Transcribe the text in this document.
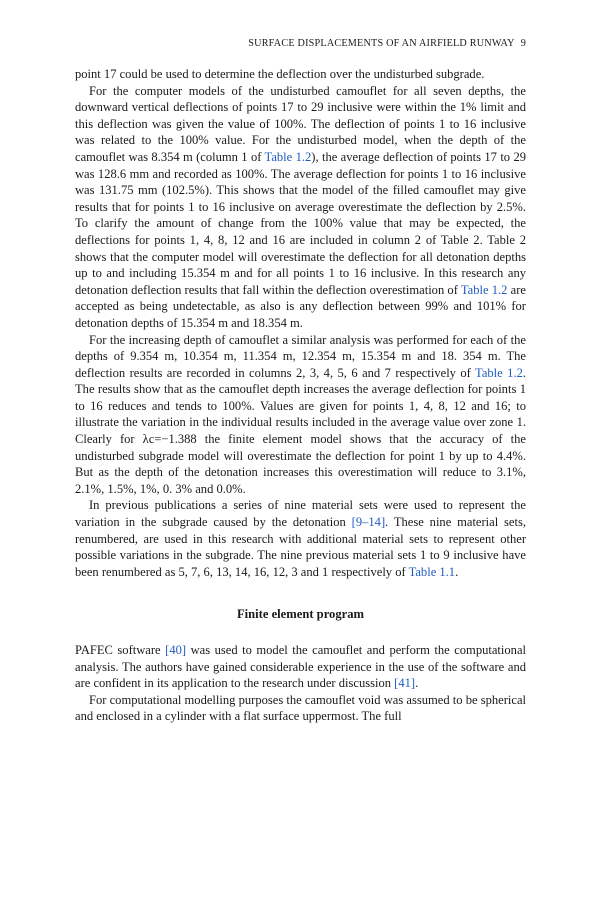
SURFACE DISPLACEMENTS OF AN AIRFIELD RUNWAY 9

point 17 could be used to determine the deflection over the undisturbed subgrade.

For the computer models of the undisturbed camouflet for all seven depths, the downward vertical deflections of points 17 to 29 inclusive were within the 1% limit and this deflection was given the value of 100%. The deflection of points 1 to 16 inclusive was related to the 100% value. For the undisturbed model, when the depth of the camouflet was 8.354 m (column 1 of Table 1.2), the average deflection of points 17 to 29 was 128.6 mm and recorded as 100%. The average deflection for points 1 to 16 inclusive was 131.75 mm (102.5%). This shows that the model of the filled camouflet may give results that for points 1 to 16 inclusive on average overestimate the deflection by 2.5%. To clarify the amount of change from the 100% value that may be expected, the deflections for points 1, 4, 8, 12 and 16 are included in column 2 of Table 2. Table 2 shows that the computer model will overestimate the deflection for all detonation depths up to and including 15.354 m and for all points 1 to 16 inclusive. In this research any detonation deflection results that fall within the deflection overestimation of Table 1.2 are accepted as being undetectable, as also is any deflection between 99% and 101% for detonation depths of 15.354 m and 18.354 m.

For the increasing depth of camouflet a similar analysis was performed for each of the depths of 9.354 m, 10.354 m, 11.354 m, 12.354 m, 15.354 m and 18. 354 m. The deflection results are recorded in columns 2, 3, 4, 5, 6 and 7 respectively of Table 1.2. The results show that as the camouflet depth increases the average deflection for points 1 to 16 reduces and tends to 100%. Values are given for points 1, 4, 8, 12 and 16; to illustrate the variation in the individual results included in the average value over zone 1. Clearly for λc=−1.388 the finite element model shows that the accuracy of the undisturbed subgrade model will overestimate the deflection for point 1 by up to 4.4%. But as the depth of the detonation increases this overestimation will reduce to 3.1%, 2.1%, 1.5%, 1%, 0. 3% and 0.0%.

In previous publications a series of nine material sets were used to represent the variation in the subgrade caused by the detonation [9–14]. These nine material sets, renumbered, are used in this research with additional material sets to represent other possible variations in the subgrade. The nine previous material sets 1 to 9 inclusive have been renumbered as 5, 7, 6, 13, 14, 16, 12, 3 and 1 respectively of Table 1.1.

Finite element program

PAFEC software [40] was used to model the camouflet and perform the computational analysis. The authors have gained considerable experience in the use of the software and are confident in its application to the research under discussion [41].

For computational modelling purposes the camouflet void was assumed to be spherical and enclosed in a cylinder with a flat surface uppermost. The full
